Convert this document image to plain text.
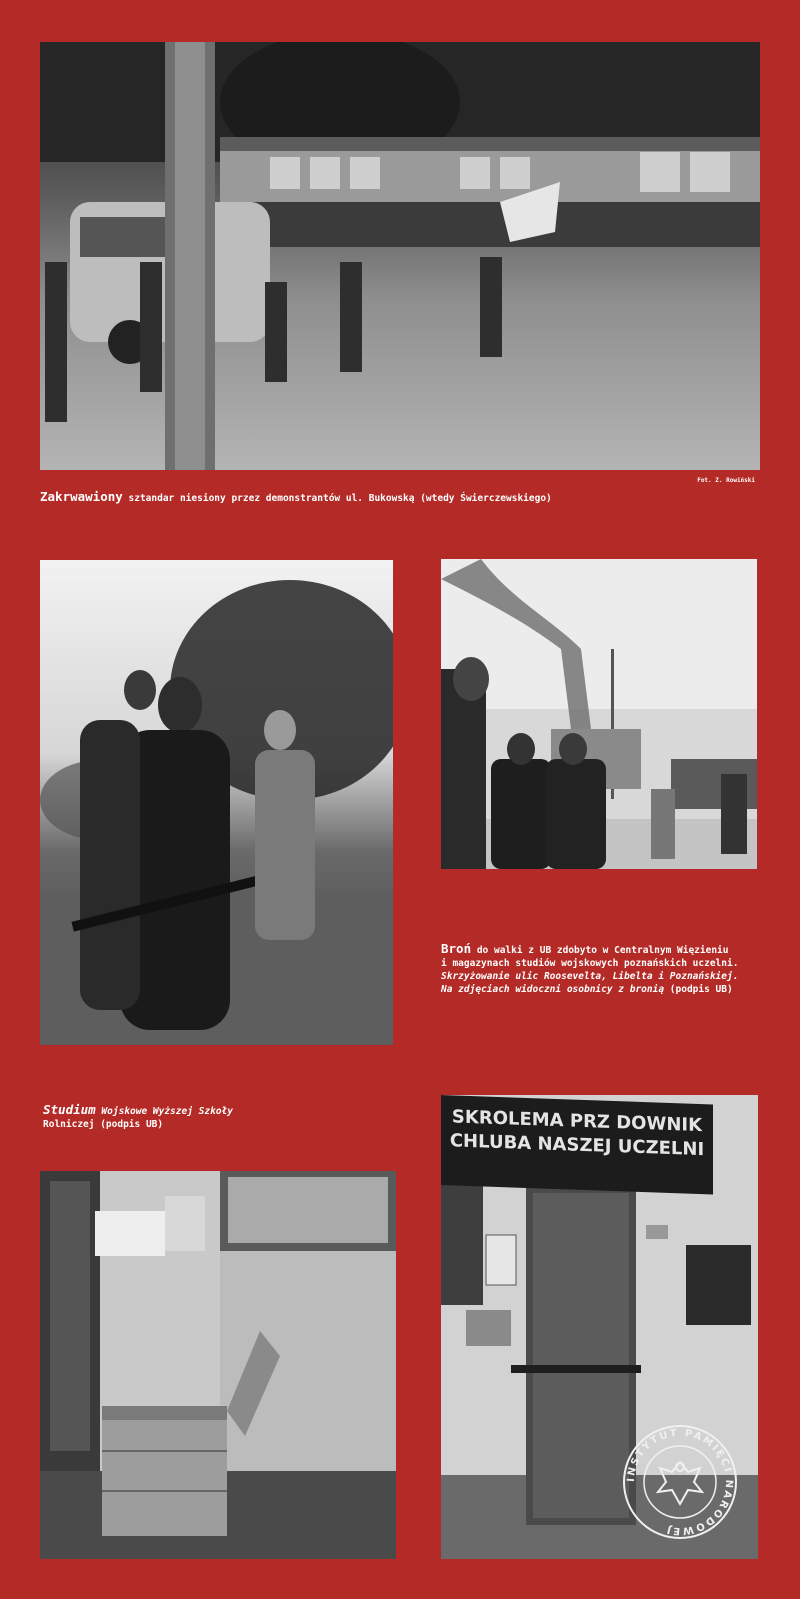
Fot. Z. Rowiński
Zakrwawiony sztandar niesiony przez demonstrantów ul. Bukowską (wtedy Świerczewskiego)
Broń do walki z UB zdobyto w Centralnym Więzieniu
i magazynach studiów wojskowych poznańskich uczelni.
Skrzyżowanie ulic Roosevelta, Libelta i Poznańskiej.
Na zdjęciach widoczni osobnicy z bronią (podpis UB)
Studium Wojskowe Wyższej Szkoły
Rolniczej (podpis UB)	SKROLEMA PRZ DOWNIK
CHLUBA NASZEJ UCZELNI
INSTYTUT PAMIĘCI NARODOWEJ
